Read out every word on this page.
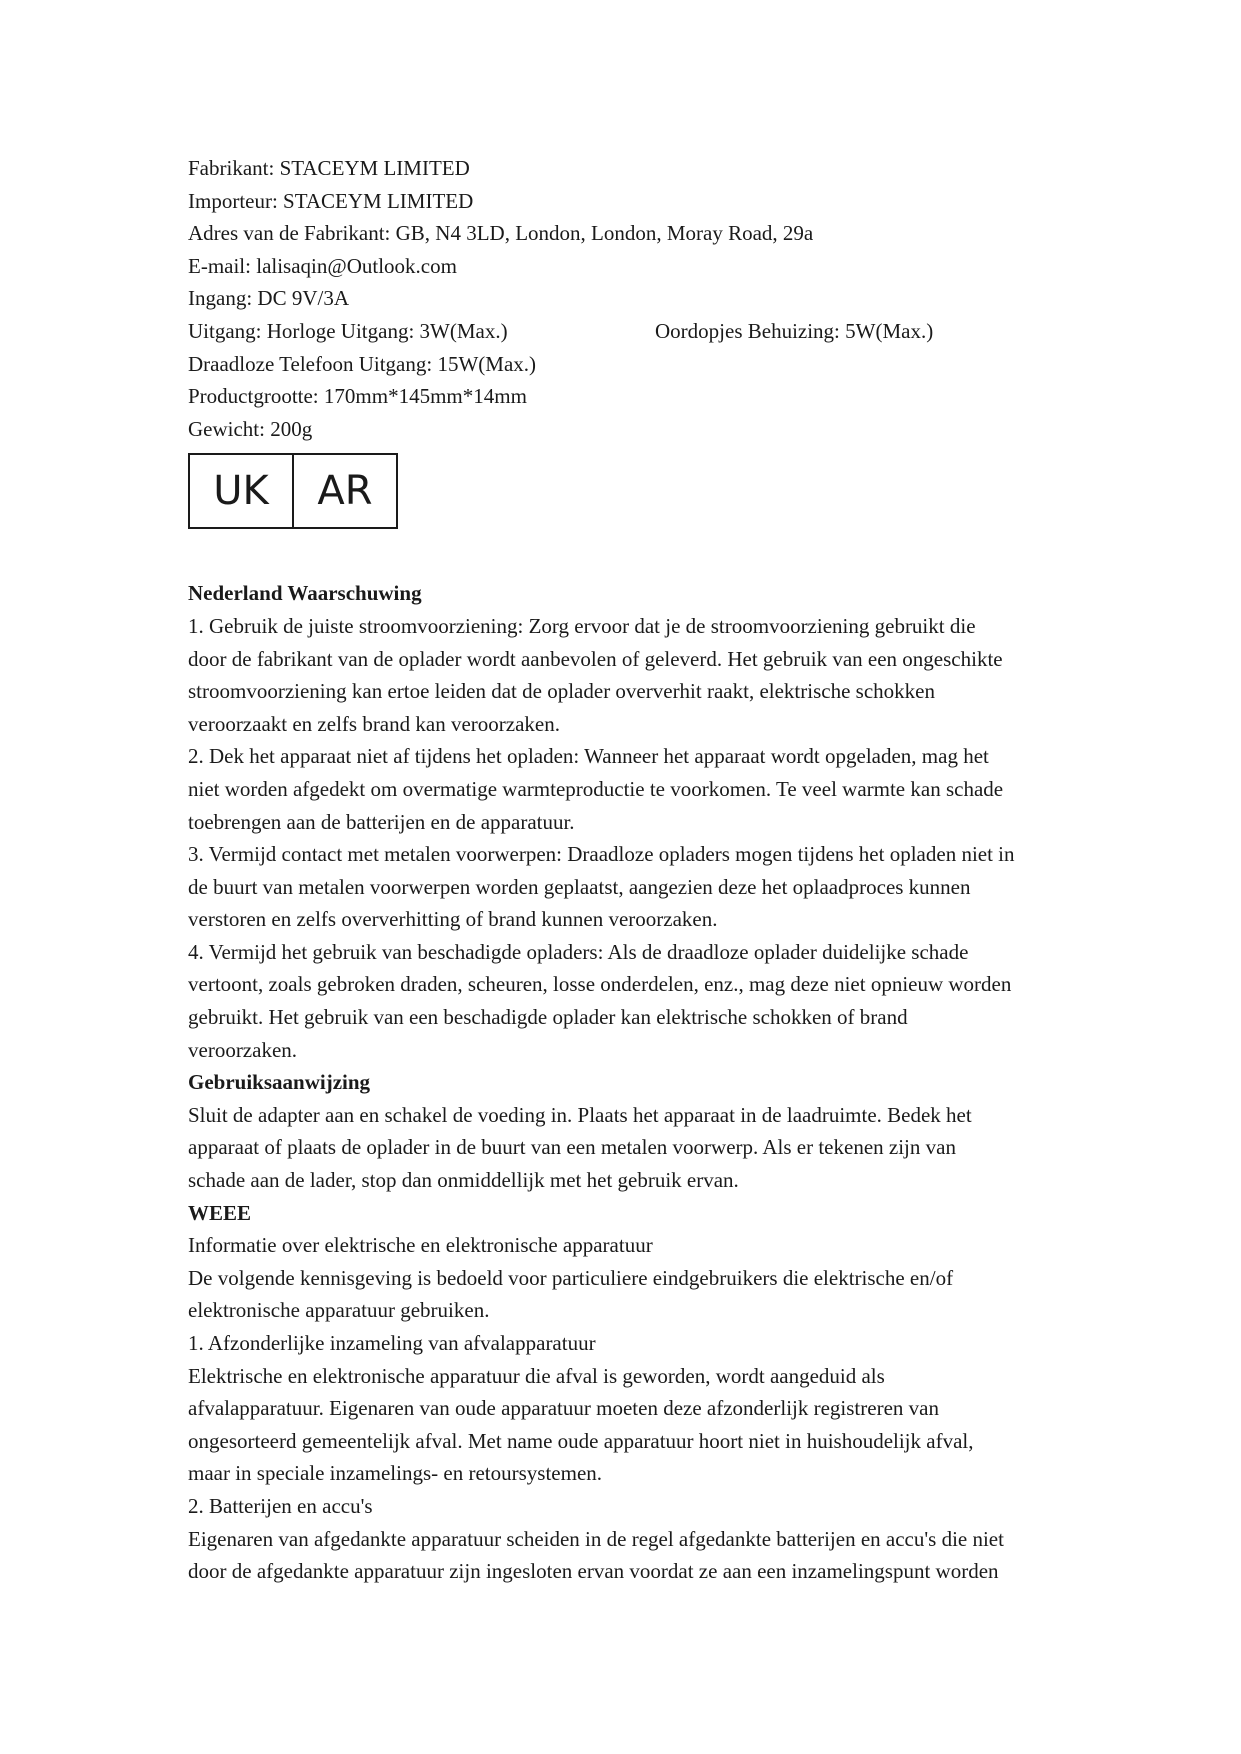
Fabrikant: STACEYM LIMITED
Importeur: STACEYM LIMITED
Adres van de Fabrikant: GB, N4 3LD, London, London, Moray Road, 29a
E-mail: lalisaqin@Outlook.com
Ingang: DC 9V/3A
Uitgang: Horloge Uitgang: 3W(Max.)	Oordopjes Behuizing: 5W(Max.)
Draadloze Telefoon Uitgang: 15W(Max.)
Productgrootte: 170mm*145mm*14mm
Gewicht: 200g
UK	AR
Nederland Waarschuwing
1. Gebruik de juiste stroomvoorziening: Zorg ervoor dat je de stroomvoorziening gebruikt die
door de fabrikant van de oplader wordt aanbevolen of geleverd. Het gebruik van een ongeschikte
stroomvoorziening kan ertoe leiden dat de oplader oververhit raakt, elektrische schokken
veroorzaakt en zelfs brand kan veroorzaken.
2. Dek het apparaat niet af tijdens het opladen: Wanneer het apparaat wordt opgeladen, mag het
niet worden afgedekt om overmatige warmteproductie te voorkomen. Te veel warmte kan schade
toebrengen aan de batterijen en de apparatuur.
3. Vermijd contact met metalen voorwerpen: Draadloze opladers mogen tijdens het opladen niet in
de buurt van metalen voorwerpen worden geplaatst, aangezien deze het oplaadproces kunnen
verstoren en zelfs oververhitting of brand kunnen veroorzaken.
4. Vermijd het gebruik van beschadigde opladers: Als de draadloze oplader duidelijke schade
vertoont, zoals gebroken draden, scheuren, losse onderdelen, enz., mag deze niet opnieuw worden
gebruikt. Het gebruik van een beschadigde oplader kan elektrische schokken of brand
veroorzaken.
Gebruiksaanwijzing
Sluit de adapter aan en schakel de voeding in. Plaats het apparaat in de laadruimte. Bedek het
apparaat of plaats de oplader in de buurt van een metalen voorwerp. Als er tekenen zijn van
schade aan de lader, stop dan onmiddellijk met het gebruik ervan.
WEEE
Informatie over elektrische en elektronische apparatuur
De volgende kennisgeving is bedoeld voor particuliere eindgebruikers die elektrische en/of
elektronische apparatuur gebruiken.
1. Afzonderlijke inzameling van afvalapparatuur
Elektrische en elektronische apparatuur die afval is geworden, wordt aangeduid als
afvalapparatuur. Eigenaren van oude apparatuur moeten deze afzonderlijk registreren van
ongesorteerd gemeentelijk afval. Met name oude apparatuur hoort niet in huishoudelijk afval,
maar in speciale inzamelings- en retoursystemen.
2. Batterijen en accu's
Eigenaren van afgedankte apparatuur scheiden in de regel afgedankte batterijen en accu's die niet
door de afgedankte apparatuur zijn ingesloten ervan voordat ze aan een inzamelingspunt worden
